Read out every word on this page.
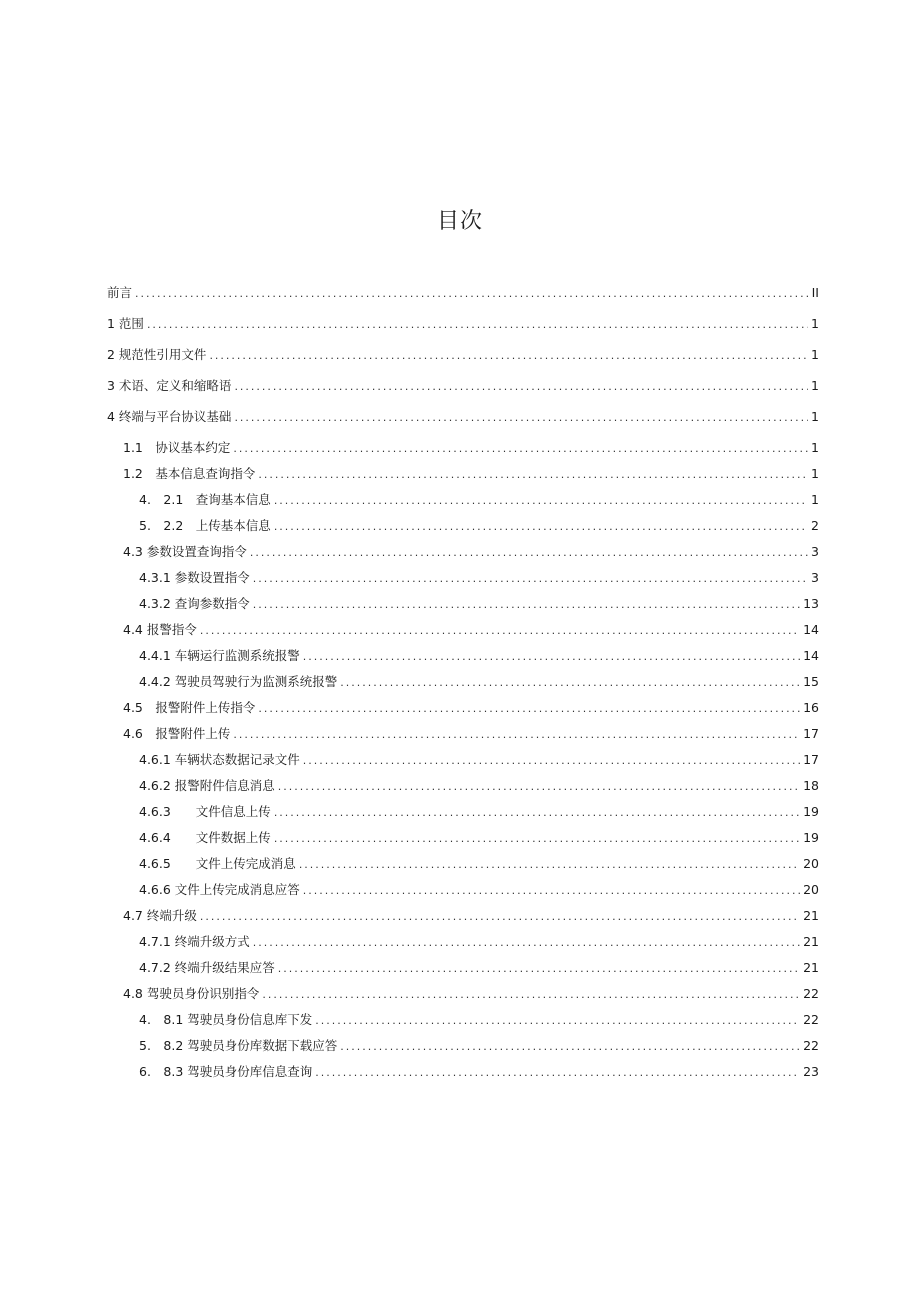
目次
前言 .....	II
1 范围 .....	1
2 规范性引用文件 .....	1
3 术语、定义和缩略语 .....	1
4 终端与平台协议基础 .....	1
1.1　协议基本约定 .....	1
1.2　基本信息查询指令 .....	1
4.　2.1　查询基本信息 .....	1
5.　2.2　上传基本信息 .....	2
4.3 参数设置查询指令 .....	3
4.3.1 参数设置指令 .....	3
4.3.2 查询参数指令 .....	13
4.4 报警指令 .....	14
4.4.1 车辆运行监测系统报警 .....	14
4.4.2 驾驶员驾驶行为监测系统报警 .....	15
4.5　报警附件上传指令 .....	16
4.6　报警附件上传 .....	17
4.6.1 车辆状态数据记录文件 .....	17
4.6.2 报警附件信息消息 .....	18
4.6.3　　文件信息上传 .....	19
4.6.4　　文件数据上传 .....	19
4.6.5　　文件上传完成消息 .....	20
4.6.6 文件上传完成消息应答 .....	20
4.7 终端升级 .....	21
4.7.1 终端升级方式 .....	21
4.7.2 终端升级结果应答 .....	21
4.8 驾驶员身份识别指令 .....	22
4.　8.1 驾驶员身份信息库下发 .....	22
5.　8.2 驾驶员身份库数据下载应答 .....	22
6.　8.3 驾驶员身份库信息查询 .....	23
